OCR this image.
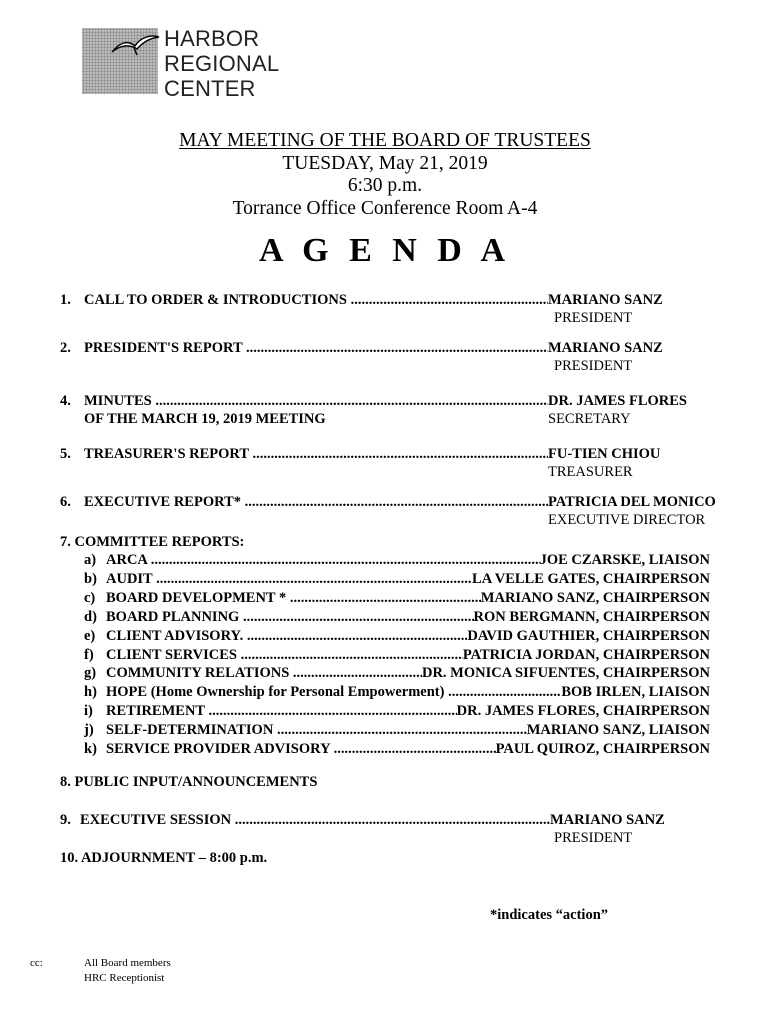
HARBOR
REGIONAL
CENTER
MAY MEETING OF THE BOARD OF TRUSTEES
TUESDAY, May 21, 2019
6:30 p.m.
Torrance Office Conference Room A-4
A G E N D A
1. CALL TO ORDER & INTRODUCTIONS .....	MARIANO SANZ
PRESIDENT
2. PRESIDENT'S REPORT .....	MARIANO SANZ
PRESIDENT
4. MINUTES .....	DR. JAMES FLORES
OF THE MARCH 19, 2019 MEETING	SECRETARY
5. TREASURER'S REPORT .....	FU-TIEN CHIOU
TREASURER
6. EXECUTIVE REPORT* .....	PATRICIA DEL MONICO
EXECUTIVE DIRECTOR
7. COMMITTEE REPORTS:
a) ARCA .....	JOE CZARSKE, LIAISON
b) AUDIT .....	LA VELLE GATES, CHAIRPERSON
c) BOARD DEVELOPMENT * .....	MARIANO SANZ, CHAIRPERSON
d) BOARD PLANNING .....	RON BERGMANN, CHAIRPERSON
e) CLIENT ADVISORY. .....	DAVID GAUTHIER, CHAIRPERSON
f) CLIENT SERVICES .....	PATRICIA JORDAN, CHAIRPERSON
g) COMMUNITY RELATIONS .....	DR. MONICA SIFUENTES, CHAIRPERSON
h) HOPE (Home Ownership for Personal Empowerment) .....	BOB IRLEN, LIAISON
i) RETIREMENT .....	DR. JAMES FLORES, CHAIRPERSON
j) SELF-DETERMINATION .....	MARIANO SANZ, LIAISON
k) SERVICE PROVIDER ADVISORY .....	PAUL QUIROZ, CHAIRPERSON
8. PUBLIC INPUT/ANNOUNCEMENTS
9. EXECUTIVE SESSION .....	MARIANO SANZ
PRESIDENT
10. ADJOURNMENT – 8:00 p.m.
*indicates “action”
cc:	All Board members
HRC Receptionist
